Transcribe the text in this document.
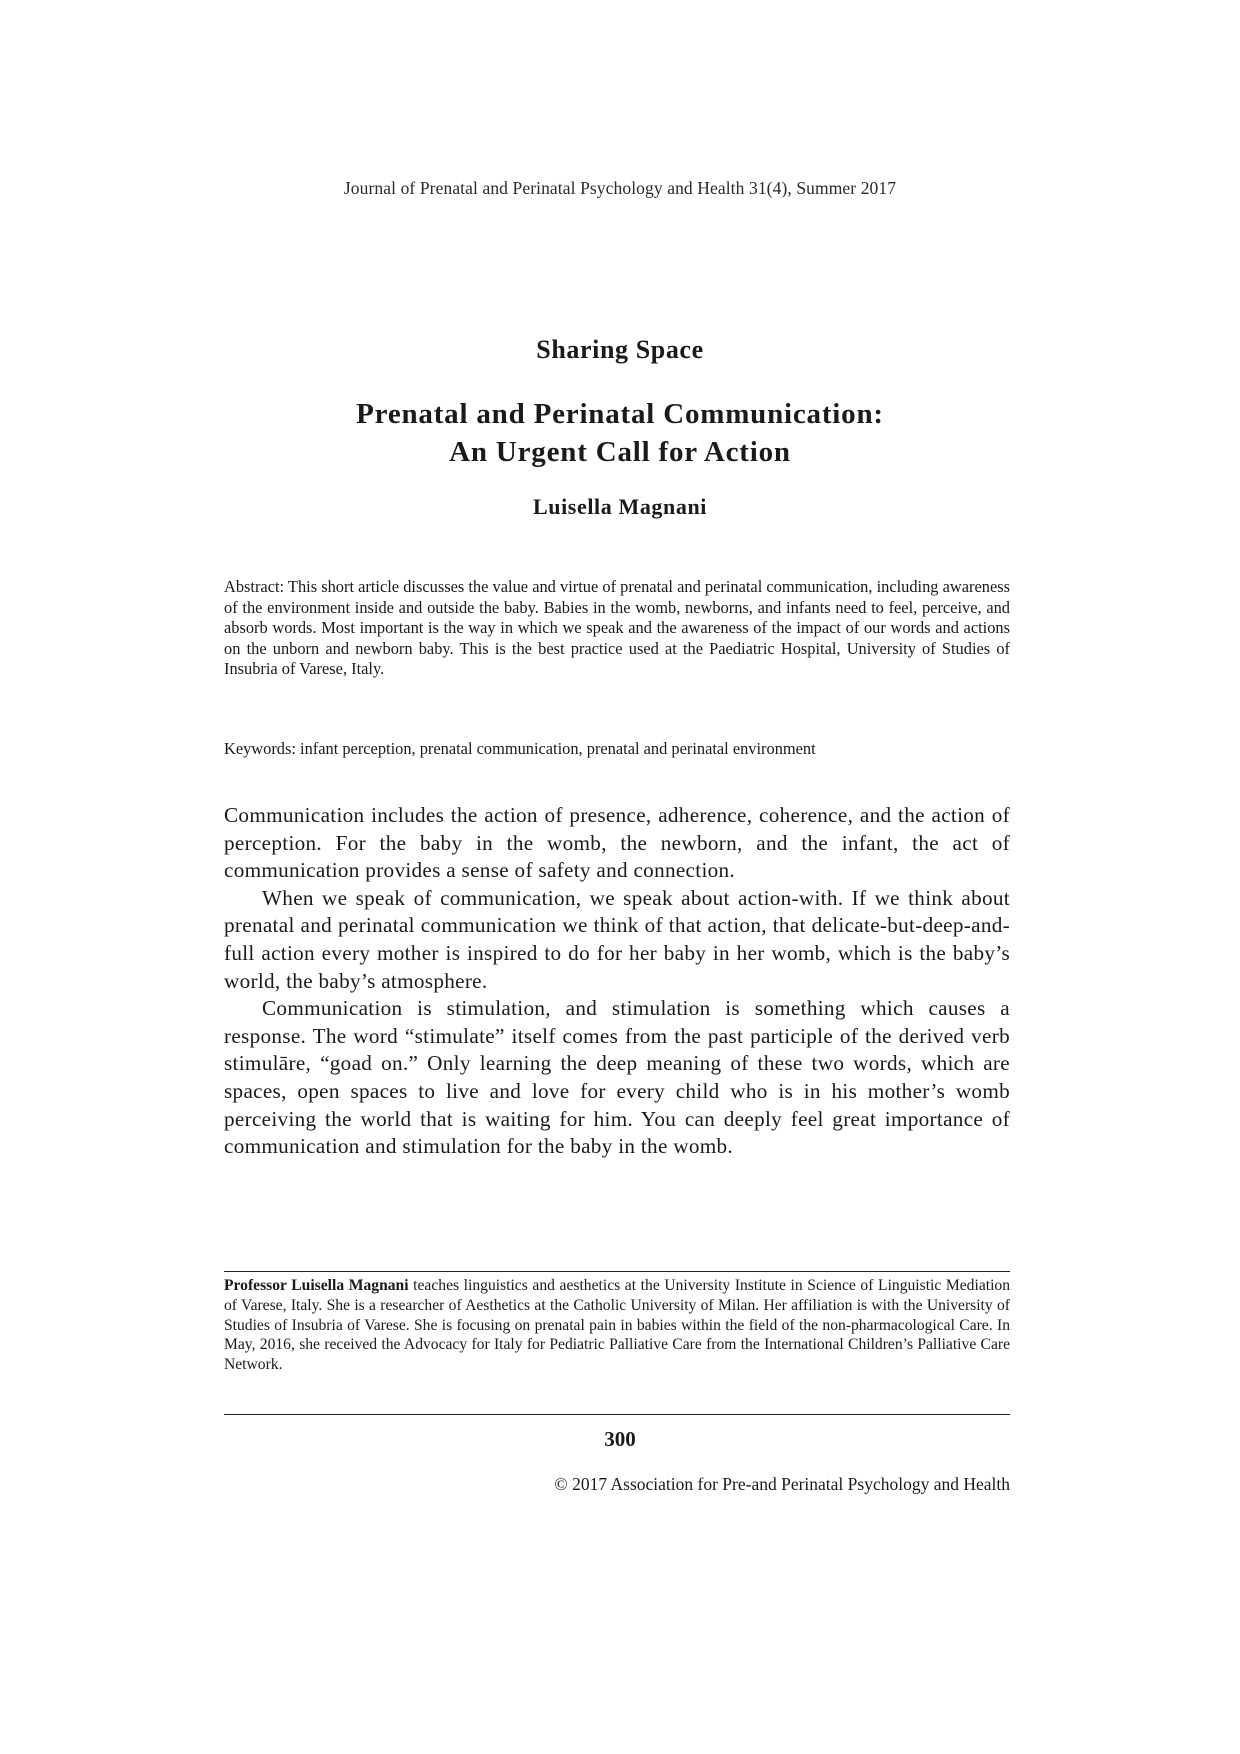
Journal of Prenatal and Perinatal Psychology and Health 31(4), Summer 2017
Sharing Space
Prenatal and Perinatal Communication:
An Urgent Call for Action
Luisella Magnani

Abstract: This short article discusses the value and virtue of prenatal and perinatal communication, including awareness of the environment inside and outside the baby. Babies in the womb, newborns, and infants need to feel, perceive, and absorb words. Most important is the way in which we speak and the awareness of the impact of our words and actions on the unborn and newborn baby. This is the best practice used at the Paediatric Hospital, University of Studies of Insubria of Varese, Italy.

Keywords: infant perception, prenatal communication, prenatal and perinatal environment

Communication includes the action of presence, adherence, coherence, and the action of perception. For the baby in the womb, the newborn, and the infant, the act of communication provides a sense of safety and connection.

When we speak of communication, we speak about action-with. If we think about prenatal and perinatal communication we think of that action, that delicate-but-deep-and-full action every mother is inspired to do for her baby in her womb, which is the baby’s world, the baby’s atmosphere.

Communication is stimulation, and stimulation is something which causes a response. The word “stimulate” itself comes from the past participle of the derived verb stimulāre, “goad on.” Only learning the deep meaning of these two words, which are spaces, open spaces to live and love for every child who is in his mother’s womb perceiving the world that is waiting for him. You can deeply feel great importance of communication and stimulation for the baby in the womb.

Professor Luisella Magnani teaches linguistics and aesthetics at the University Institute in Science of Linguistic Mediation of Varese, Italy. She is a researcher of Aesthetics at the Catholic University of Milan. Her affiliation is with the University of Studies of Insubria of Varese. She is focusing on prenatal pain in babies within the field of the non-pharmacological Care. In May, 2016, she received the Advocacy for Italy for Pediatric Palliative Care from the International Children’s Palliative Care Network.

300
© 2017 Association for Pre-and Perinatal Psychology and Health
